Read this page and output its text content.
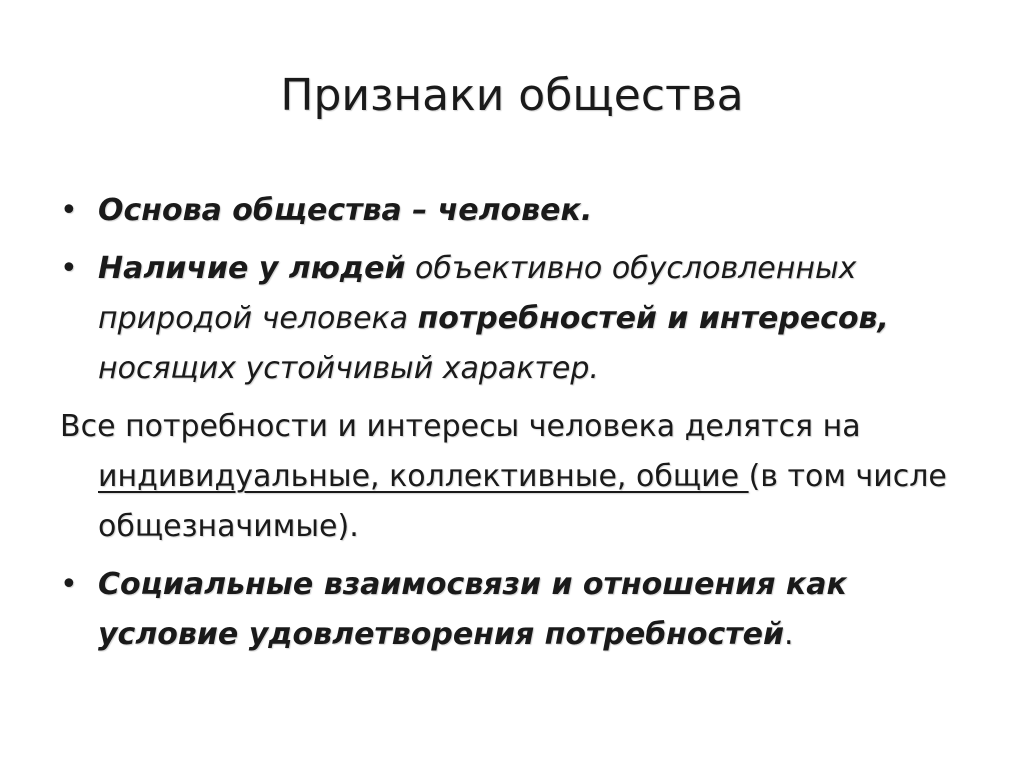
Признаки общества
• Основа общества – человек.
• Наличие у людей объективно обусловленных природой человека потребностей и интересов, носящих устойчивый характер.
Все потребности и интересы человека делятся на индивидуальные, коллективные, общие (в том числе общезначимые).
• Социальные взаимосвязи и отношения как условие удовлетворения потребностей.
